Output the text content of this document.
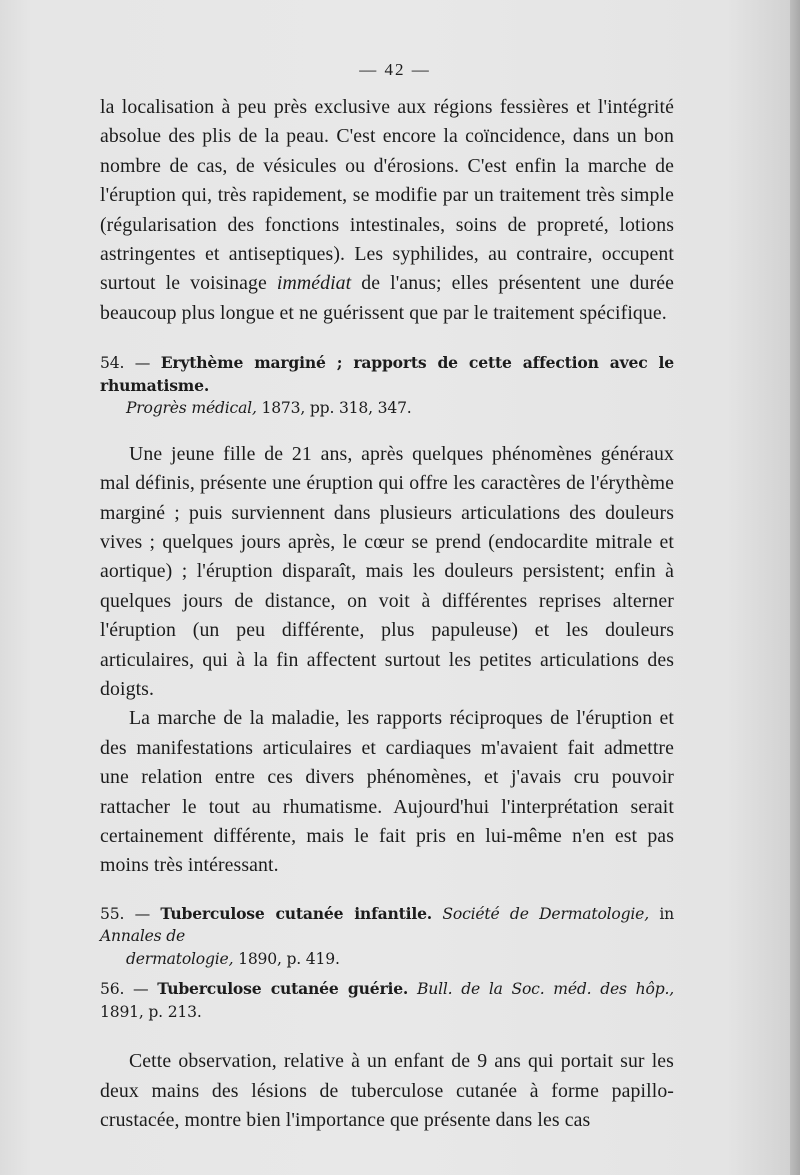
— 42 —

la localisation à peu près exclusive aux régions fessières et l'intégrité absolue des plis de la peau. C'est encore la coïncidence, dans un bon nombre de cas, de vésicules ou d'érosions. C'est enfin la marche de l'éruption qui, très rapidement, se modifie par un traitement très simple (régularisation des fonctions intestinales, soins de propreté, lotions astringentes et antiseptiques). Les syphilides, au contraire, occupent surtout le voisinage immédiat de l'anus; elles présentent une durée beaucoup plus longue et ne guérissent que par le traitement spécifique.

54. — Erythème marginé ; rapports de cette affection avec le rhumatisme.
Progrès médical, 1873, pp. 318, 347.

Une jeune fille de 21 ans, après quelques phénomènes généraux mal définis, présente une éruption qui offre les caractères de l'érythème marginé ; puis surviennent dans plusieurs articulations des douleurs vives ; quelques jours après, le cœur se prend (endocardite mitrale et aortique) ; l'éruption disparaît, mais les douleurs persistent; enfin à quelques jours de distance, on voit à différentes reprises alterner l'éruption (un peu différente, plus papuleuse) et les douleurs articulaires, qui à la fin affectent surtout les petites articulations des doigts.

La marche de la maladie, les rapports réciproques de l'éruption et des manifestations articulaires et cardiaques m'avaient fait admettre une relation entre ces divers phénomènes, et j'avais cru pouvoir rattacher le tout au rhumatisme. Aujourd'hui l'interprétation serait certainement différente, mais le fait pris en lui-même n'en est pas moins très intéressant.

55. — Tuberculose cutanée infantile. Société de Dermatologie, in Annales de
dermatologie, 1890, p. 419.

56. — Tuberculose cutanée guérie. Bull. de la Soc. méd. des hôp., 1891, p. 213.

Cette observation, relative à un enfant de 9 ans qui portait sur les deux mains des lésions de tuberculose cutanée à forme papillo-crustacée, montre bien l'importance que présente dans les cas
